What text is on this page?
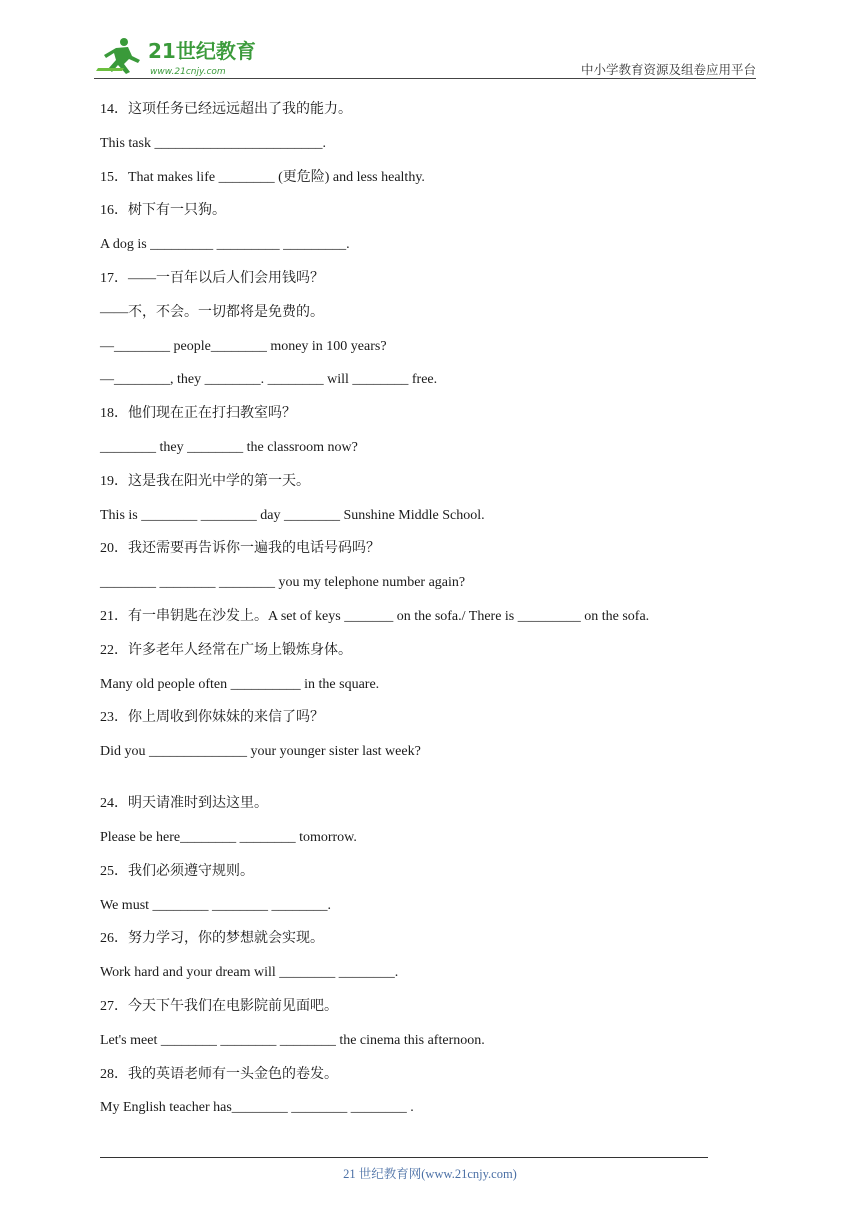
21世纪教育
www.21cnjy.com	中小学教育资源及组卷应用平台
14．这项任务已经远远超出了我的能力。
This task ________________________.
15．That makes life ________ (更危险) and less healthy.
16．树下有一只狗。
A dog is _________ _________ _________.
17．——一百年以后人们会用钱吗？
——不，不会。一切都将是免费的。
—________ people________ money in 100 years?
—________, they ________. ________ will ________ free.
18．他们现在正在打扫教室吗？
________ they ________ the classroom now?
19．这是我在阳光中学的第一天。
This is ________ ________ day ________ Sunshine Middle School.
20．我还需要再告诉你一遍我的电话号码吗？
________ ________ ________ you my telephone number again?
21．有一串钥匙在沙发上。A set of keys _______ on the sofa./ There is _________ on the sofa.
22．许多老年人经常在广场上锻炼身体。
Many old people often __________ in the square.
23．你上周收到你妹妹的来信了吗？
Did you ______________ your younger sister last week?
24．明天请准时到达这里。
Please be here________ ________ tomorrow.
25．我们必须遵守规则。
We must ________ ________ ________.
26．努力学习，你的梦想就会实现。
Work hard and your dream will ________ ________.
27．今天下午我们在电影院前见面吧。
Let's meet ________ ________ ________ the cinema this afternoon.
28．我的英语老师有一头金色的卷发。
My English teacher has________ ________ ________ .
21 世纪教育网(www.21cnjy.com)
